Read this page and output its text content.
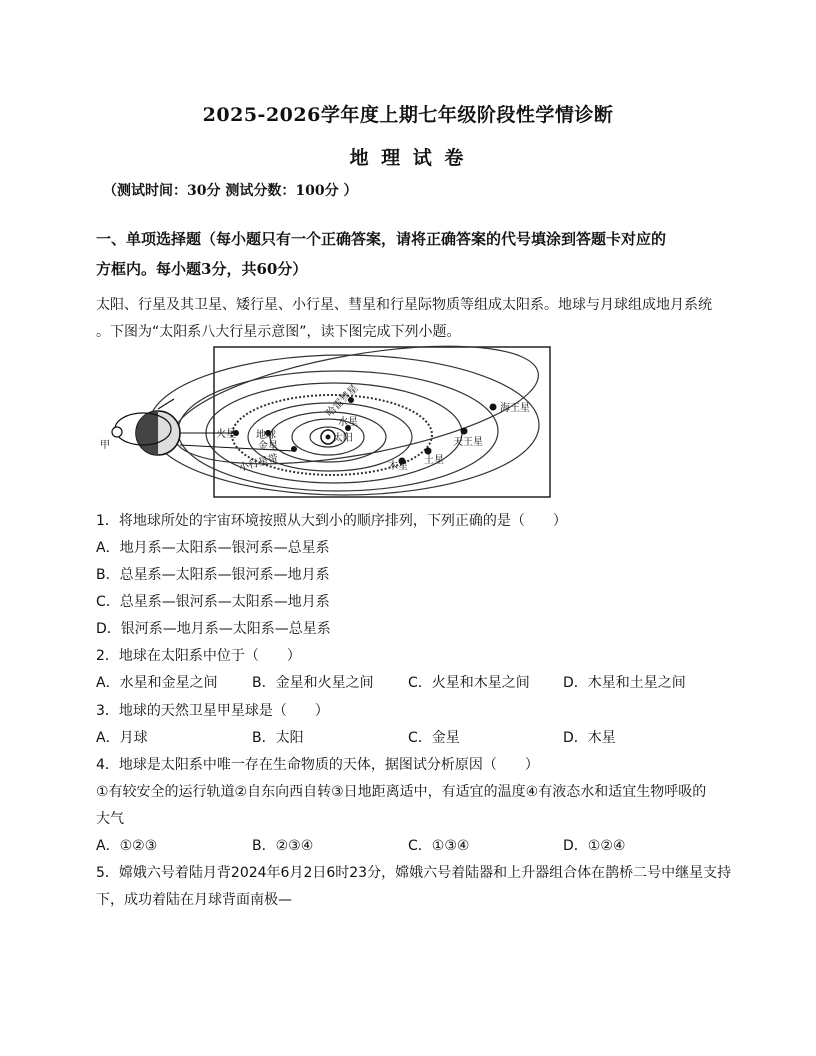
2025-2026学年度上期七年级阶段性学情诊断
地 理 试 卷
（测试时间：30分 测试分数：100分 ）
一、单项选择题（每小题只有一个正确答案，请将正确答案的代号填涂到答题卡对应的
方框内。每小题3分，共60分）
太阳、行星及其卫星、矮行星、小行星、彗星和行星际物质等组成太阳系。地球与月球组成地月系统
。下图为“太阳系八大行星示意图”，读下图完成下列小题。
甲
火星 地球
金星
水星
太阳
木星
土星
天王星
海王星
小行星带
哈雷彗星
1．将地球所处的宇宙环境按照从大到小的顺序排列，下列正确的是（　　）
A．地月系—太阳系—银河系—总星系
B．总星系—太阳系—银河系—地月系
C．总星系—银河系—太阳系—地月系
D．银河系—地月系—太阳系—总星系
2．地球在太阳系中位于（　　）
A．水星和金星之间 B．金星和火星之间 C．火星和木星之间 D．木星和土星之间
3．地球的天然卫星甲星球是（　　）
A．月球	B．太阳	C．金星	D．木星
4．地球是太阳系中唯一存在生命物质的天体，据图试分析原因（　　）
①有较安全的运行轨道②自东向西自转③日地距离适中，有适宜的温度④有液态水和适宜生物呼吸的
大气
A．①②③	B．②③④	C．①③④	D．①②④
5．嫦娥六号着陆月背2024年6月2日6时23分，嫦娥六号着陆器和上升器组合体在鹊桥二号中继星支持
下，成功着陆在月球背面南极—
